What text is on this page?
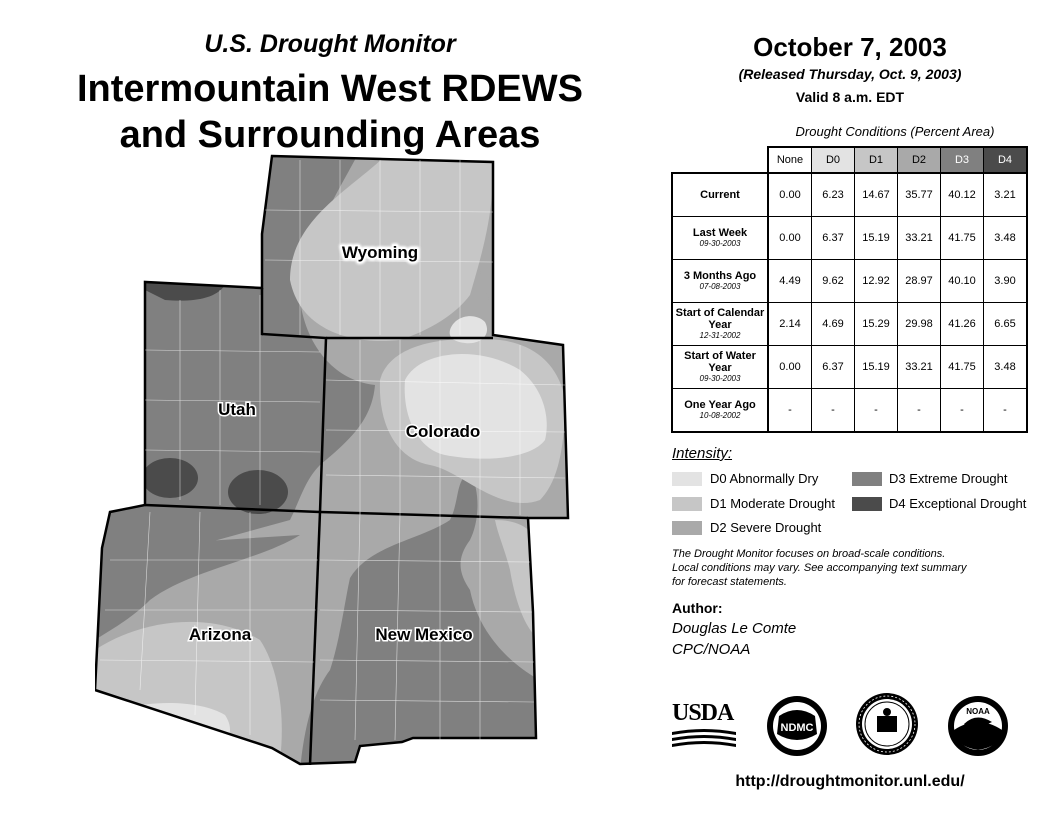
U.S. Drought Monitor
Intermountain West RDEWS
and Surrounding Areas
Wyoming
Utah
Colorado
Arizona	New Mexico
October 7, 2003
(Released Thursday, Oct. 9, 2003)
Valid 8 a.m. EDT
Drought Conditions (Percent Area)
	None	D0	D1	D2	D3	D4
Current	0.00	6.23	14.67	35.77	40.12	3.21
Last Week
09-30-2003	0.00	6.37	15.19	33.21	41.75	3.48
3 Months Ago
07-08-2003	4.49	9.62	12.92	28.97	40.10	3.90
Start of Calendar Year
12-31-2002	2.14	4.69	15.29	29.98	41.26	6.65
Start of Water Year
09-30-2003	0.00	6.37	15.19	33.21	41.75	3.48
One Year Ago
10-08-2002	-	-	-	-	-	-
Intensity:
D0 Abnormally Dry
D1 Moderate Drought
D2 Severe Drought
D3 Extreme Drought
D4 Exceptional Drought
The Drought Monitor focuses on broad-scale conditions.
Local conditions may vary. See accompanying text summary
for forecast statements.
Author:
Douglas Le Comte
CPC/NOAA
USDA
NDMC
NOAA
http://droughtmonitor.unl.edu/
